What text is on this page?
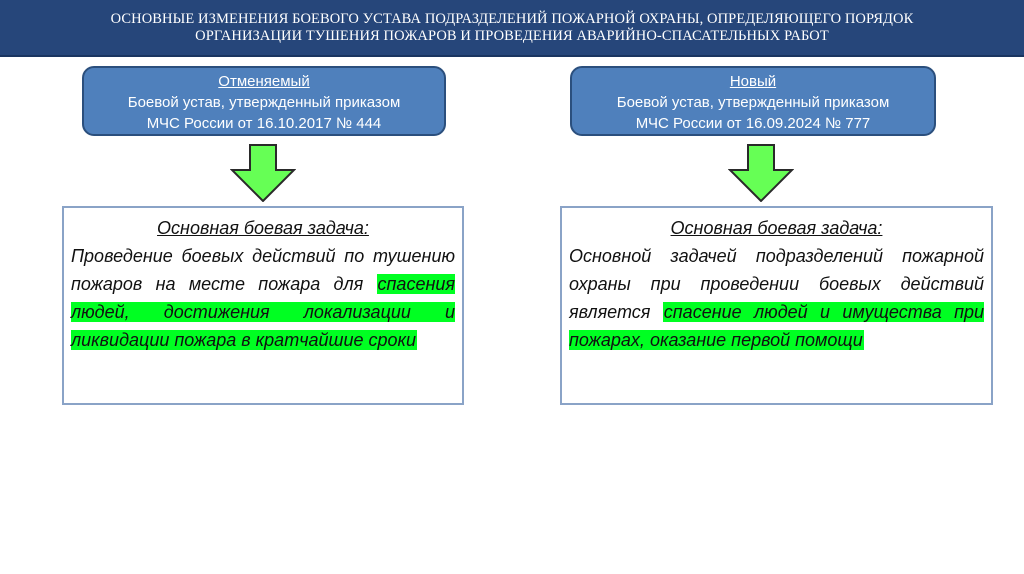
ОСНОВНЫЕ ИЗМЕНЕНИЯ БОЕВОГО УСТАВА ПОДРАЗДЕЛЕНИЙ ПОЖАРНОЙ ОХРАНЫ, ОПРЕДЕЛЯЮЩЕГО ПОРЯДОК
ОРГАНИЗАЦИИ ТУШЕНИЯ ПОЖАРОВ И ПРОВЕДЕНИЯ АВАРИЙНО-СПАСАТЕЛЬНЫХ РАБОТ
Отменяемый
Боевой устав, утвержденный приказом
МЧС России от 16.10.2017 № 444
Новый
Боевой устав, утвержденный приказом
МЧС России от 16.09.2024 № 777
Основная боевая задача:
Проведение боевых действий по тушению пожаров на месте пожара для спасения людей, достижения локализации и ликвидации пожара в кратчайшие сроки
Основная боевая задача:
Основной задачей подразделений пожарной охраны при проведении боевых действий является спасение людей и имущества при пожарах, оказание первой помощи
